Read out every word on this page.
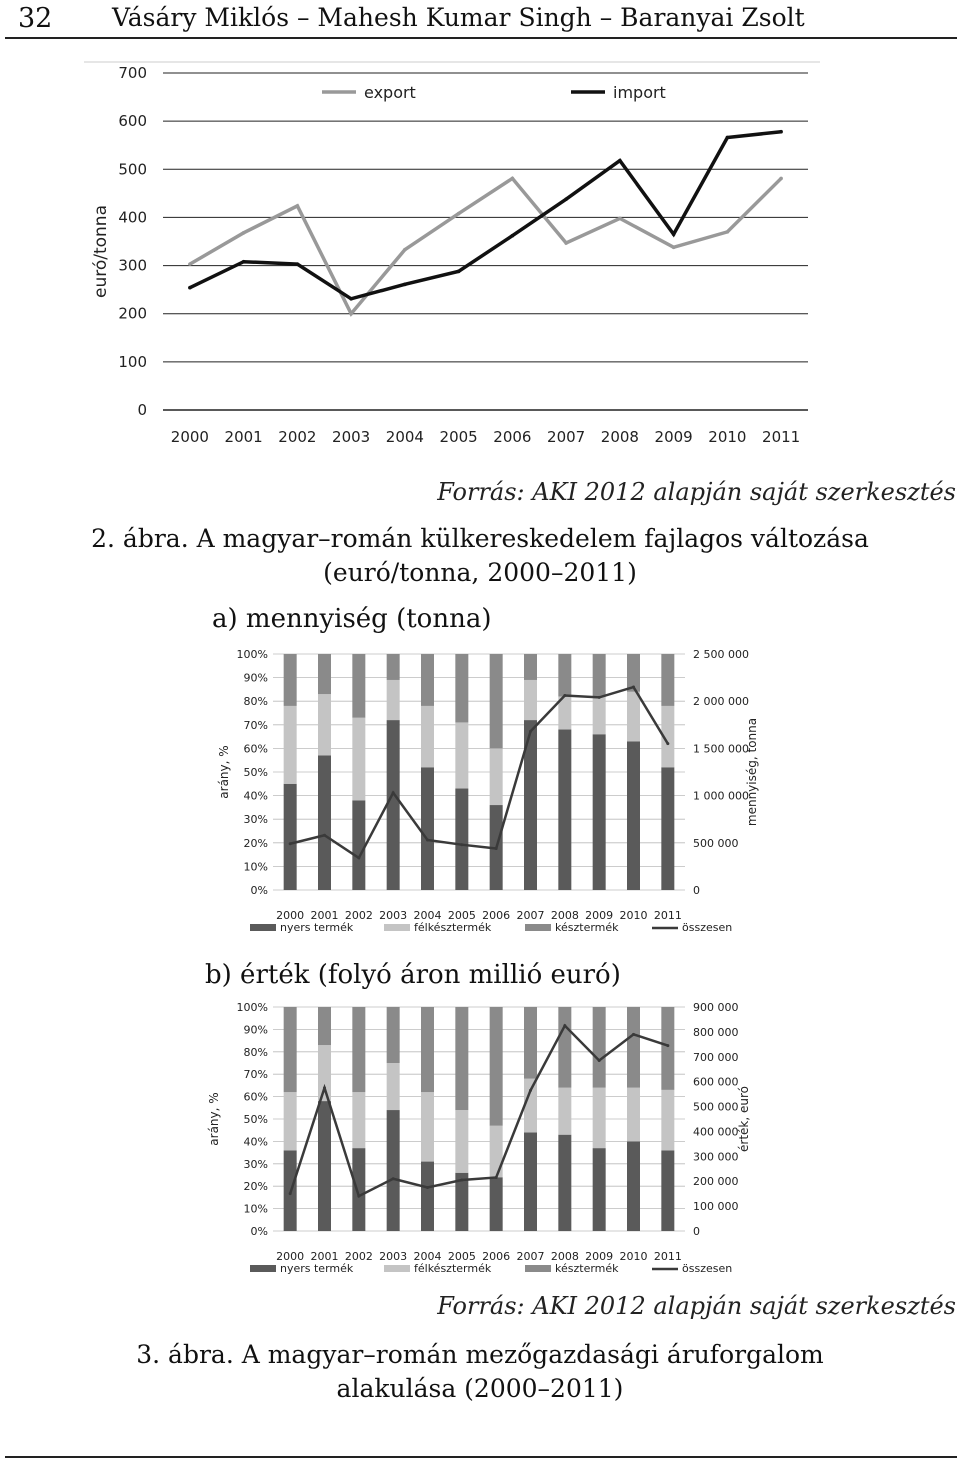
32 Vásáry Miklós – Mahesh Kumar Singh – Baranyai Zsolt
0
100
200
300
400
500
600
700
2000 2001 2002 2003 2004 2005 2006 2007 2008 2009 2010 2011
euró/tonna
export	import
Forrás: AKI 2012 alapján saját szerkesztés
2. ábra. A magyar–román külkereskedelem fajlagos változása
(euró/tonna, 2000–2011)
a) mennyiség (tonna)
0%
10%
20%
30%
40%
50%
60%
70%
80%
90%
100%
0
500 000
1 000 000
1 500 000
2 000 000
2 500 000
2000 2001 2002 2003 2004 2005 2006 2007 2008 2009 2010 2011
arány, %	mennyiség, tonna
nyers termék	félkésztermék	késztermék	összesen
b) érték (folyó áron millió euró)
0%
10%
20%
30%
40%
50%
60%
70%
80%
90%
100%
0
100 000
200 000
300 000
400 000
500 000
600 000
700 000
800 000
900 000
2000 2001 2002 2003 2004 2005 2006 2007 2008 2009 2010 2011
arány, %	érték, euró
nyers termék	félkésztermék	késztermék	összesen
Forrás: AKI 2012 alapján saját szerkesztés
3. ábra. A magyar–román mezőgazdasági áruforgalom
alakulása (2000–2011)
